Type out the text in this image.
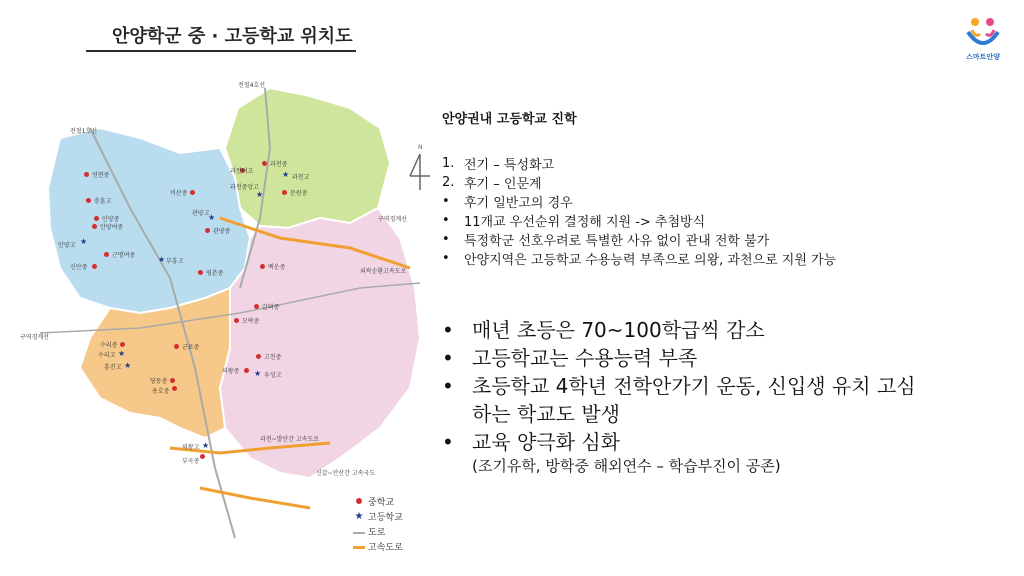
안양학군 중 · 고등학교 위치도
스마트안양
N
전철4호선
전철1호선
구역경계선
구역경계선
외곽순환고속도로
과천~발안간 고속도로
신갈~안산간 고속국도
과천중
과천여고	★ 과천고
★
과천중앙고
문원중
연현중
비산중
충훈고
★
관양고
관양중
안양중
안양여중
★
안양고
근명여중
신안중
★ 부흥고
평촌중
백운중
갈뫼중
모락중
고천중
의왕중 ★ 우성고
군포중
수리중
★
수리고
★
흥진고
당동중
용호중
★
의왕고
부곡중
중학교
★ 고등학교
도로
고속도로
안양권내 고등학교 진학
1. 전기 – 특성화고
2. 후기 – 인문계
•	후기 일반고의 경우
•	11개교 우선순위 결정해 지원 -> 추첨방식
•	특정학군 선호우려로 특별한 사유 없이 관내 전학 불가
•	안양지역은 고등학교 수용능력 부족으로 의왕, 과천으로 지원 가능
• 매년 초등은 70~100학급씩 감소
• 고등학교는 수용능력 부족
• 초등학교 4학년 전학안가기 운동, 신입생 유치 고심
하는 학교도 발생
• 교육 양극화 심화
(조기유학, 방학중 해외연수 – 학습부진이 공존)
